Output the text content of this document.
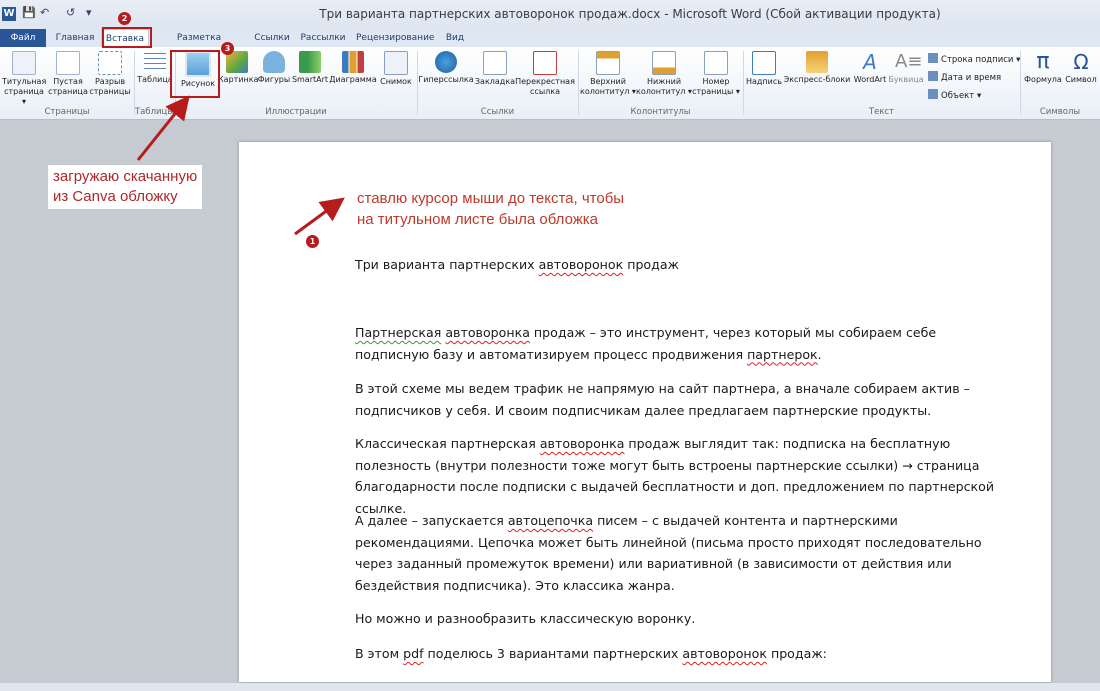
W 💾 ↶ ↺ ▾	Три варианта партнерских автоворонок продаж.docx - Microsoft Word (Сбой активации продукта)
Файл	Главная	Вставка	Разметка	Ссылки	Рассылки Рецензирование	Вид
Титульная
страница ▾
Пустая
страница
Разрыв
страницы
Таблица	Рисунок Картинка Фигуры SmartArt Диаграмма Снимок Гиперссылка Закладка Перекрестная
ссылка
Верхний
колонтитул ▾
Нижний
колонтитул ▾
Номер
страницы ▾
Надпись Экспресс-блоки
A
WordArt
A≡
Буквица
Строка подписи ▾
Дата и время
Объект ▾
π
Формула
Ω
Символ
Страницы	Таблицы	Иллюстрации	Ссылки	Колонтитулы	Текст	Символы
ставлю курсор мыши до текста, чтобы
на титульном листе была обложка

Три варианта партнерских автоворонок продаж

Партнерская автоворонка продаж – это инструмент, через который мы собираем себе подписную базу и автоматизируем процесс продвижения партнерок.

В этой схеме мы ведем трафик не напрямую на сайт партнера, а вначале собираем актив – подписчиков у себя. И своим подписчикам далее предлагаем партнерские продукты.

Классическая партнерская автоворонка продаж выглядит так: подписка на бесплатную полезность (внутри полезности тоже могут быть встроены партнерские ссылки) → страница благодарности после подписки с выдачей бесплатности и доп. предложением по партнерской ссылке.

А далее – запускается автоцепочка писем – с выдачей контента и партнерскими рекомендациями. Цепочка может быть линейной (письма просто приходят последовательно через заданный промежуток времени) или вариативной (в зависимости от действия или бездействия подписчика). Это классика жанра.

Но можно и разнообразить классическую воронку.

В этом pdf поделюсь 3 вариантами партнерских автоворонок продаж:

загружаю скачанную
из Canva обложку
2
3
1
